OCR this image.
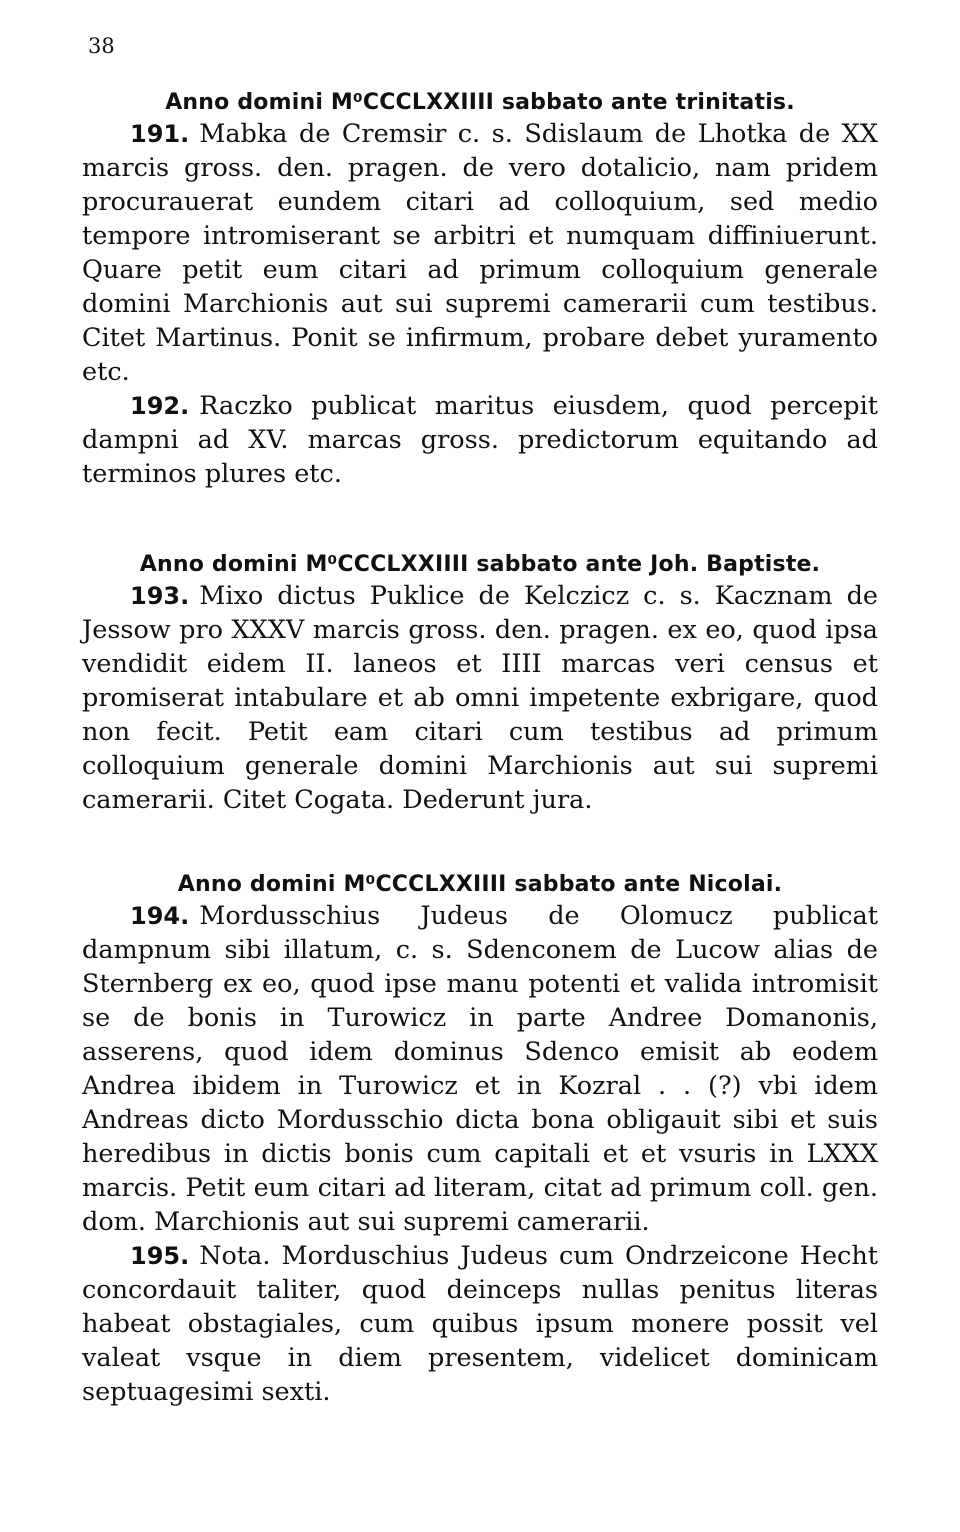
38
Anno domini M⁰CCCLXXIIII sabbato ante trinitatis.

191. Mabka de Cremsir c. s. Sdislaum de Lhotka de XX marcis gross. den. pragen. de vero dotalicio, nam pridem procurauerat eundem citari ad colloquium, sed medio tempore intromiserant se arbitri et numquam diffiniuerunt. Quare petit eum citari ad primum colloquium generale domini Marchionis aut sui supremi camerarii cum testibus. Citet Martinus. Ponit se infirmum, probare debet yuramento etc.

192. Raczko publicat maritus eiusdem, quod percepit dampni ad XV. marcas gross. predictorum equitando ad terminos plures etc.

Anno domini M⁰CCCLXXIIII sabbato ante Joh. Baptiste.

193. Mixo dictus Puklice de Kelczicz c. s. Kacznam de Jessow pro XXXV marcis gross. den. pragen. ex eo, quod ipsa vendidit eidem II. laneos et IIII marcas veri census et promiserat intabulare et ab omni impetente exbrigare, quod non fecit. Petit eam citari cum testibus ad primum colloquium generale domini Marchionis aut sui supremi camerarii. Citet Cogata. Dederunt jura.

Anno domini M⁰CCCLXXIIII sabbato ante Nicolai.

194. Mordusschius Judeus de Olomucz publicat dampnum sibi illatum, c. s. Sdenconem de Lucow alias de Sternberg ex eo, quod ipse manu potenti et valida intromisit se de bonis in Turowicz in parte Andree Domanonis, asserens, quod idem dominus Sdenco emisit ab eodem Andrea ibidem in Turowicz et in Kozral . . (?) vbi idem Andreas dicto Mordusschio dicta bona obligauit sibi et suis heredibus in dictis bonis cum capitali et et vsuris in LXXX marcis. Petit eum citari ad literam, citat ad primum coll. gen. dom. Marchionis aut sui supremi camerarii.

195. Nota. Morduschius Judeus cum Ondrzeicone Hecht concordauit taliter, quod deinceps nullas penitus literas habeat obstagiales, cum quibus ipsum monere possit vel valeat vsque in diem presentem, videlicet dominicam septuagesimi sexti.
